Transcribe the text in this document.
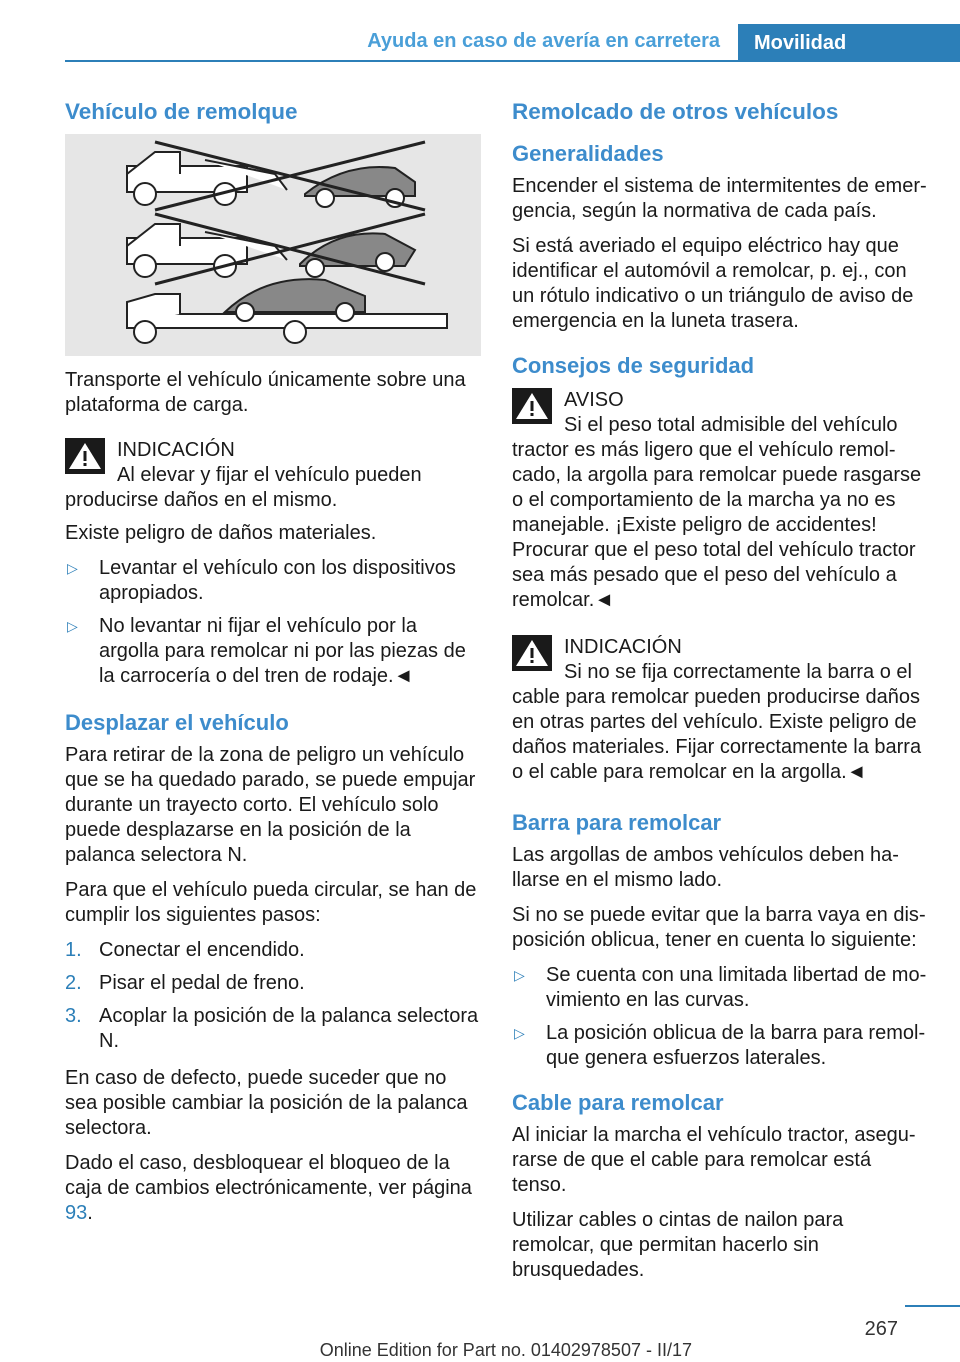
Ayuda en caso de avería en carretera	Movilidad
Vehículo de remolque

Transporte el vehículo únicamente sobre una plataforma de carga.

INDICACIÓN
Al elevar y fijar el vehículo pueden producirse daños en el mismo.

Existe peligro de daños materiales.

▷ Levantar el vehículo con los dispositivos apropiados.
▷ No levantar ni fijar el vehículo por la argolla para remolcar ni por las piezas de la carrocería o del tren de rodaje.◄
Desplazar el vehículo

Para retirar de la zona de peligro un vehículo que se ha quedado parado, se puede empujar durante un trayecto corto. El vehículo solo puede desplazarse en la posición de la palanca selectora N.

Para que el vehículo pueda circular, se han de cumplir los siguientes pasos:

1. Conectar el encendido.
2. Pisar el pedal de freno.
3. Acoplar la posición de la palanca selectora N.

En caso de defecto, puede suceder que no sea posible cambiar la posición de la palanca selectora.

Dado el caso, desbloquear el bloqueo de la caja de cambios electrónicamente, ver página 93.

Remolcado de otros vehículos
Generalidades

Encender el sistema de intermitentes de emergencia, según la normativa de cada país.

Si está averiado el equipo eléctrico hay que identificar el automóvil a remolcar, p. ej., con un rótulo indicativo o un triángulo de aviso de emergencia en la luneta trasera.

Consejos de seguridad
AVISO
Si el peso total admisible del vehículo tractor es más ligero que el vehículo remolcado, la argolla para remolcar puede rasgarse o el comportamiento de la marcha ya no es manejable. ¡Existe peligro de accidentes! Procurar que el peso total del vehículo tractor sea más pesado que el peso del vehículo a remolcar.◄
INDICACIÓN
Si no se fija correctamente la barra o el cable para remolcar pueden producirse daños en otras partes del vehículo. Existe peligro de daños materiales. Fijar correctamente la barra o el cable para remolcar en la argolla.◄
Barra para remolcar

Las argollas de ambos vehículos deben hallarse en el mismo lado.

Si no se puede evitar que la barra vaya en disposición oblicua, tener en cuenta lo siguiente:

▷ Se cuenta con una limitada libertad de movimiento en las curvas.
▷ La posición oblicua de la barra para remolque genera esfuerzos laterales.
Cable para remolcar

Al iniciar la marcha el vehículo tractor, asegurarse de que el cable para remolcar está tenso.

Utilizar cables o cintas de nailon para remolcar, que permitan hacerlo sin brusquedades.

267
Online Edition for Part no. 01402978507 - II/17
